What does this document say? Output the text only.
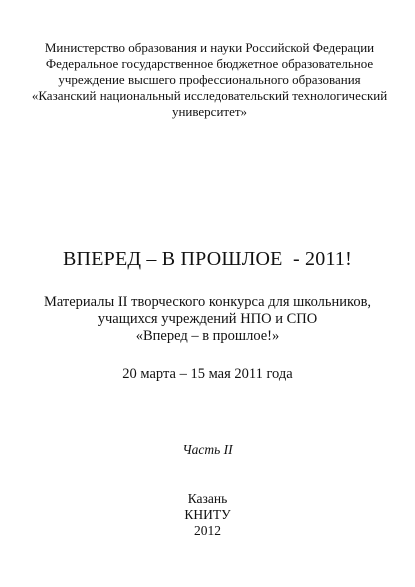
Министерство образования и науки Российской Федерации
Федеральное государственное бюджетное образовательное
учреждение высшего профессионального образования
«Казанский национальный исследовательский технологический
университет»
ВПЕРЕД – В ПРОШЛОЕ  - 2011!
Материалы II творческого конкурса для школьников,
учащихся учреждений НПО и СПО
«Вперед – в прошлое!»
20 марта – 15 мая 2011 года
Часть II
Казань
КНИТУ
2012
